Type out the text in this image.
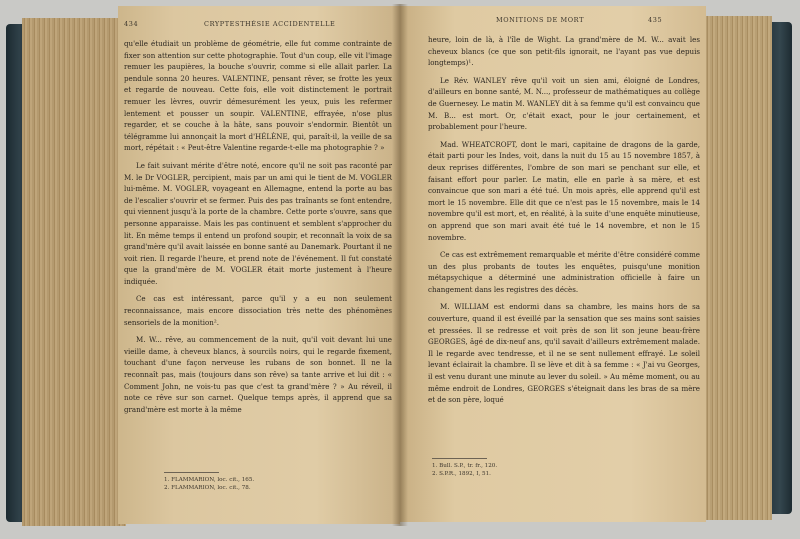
434	CRYPTESTHÉSIE ACCIDENTELLE

qu'elle étudiait un problème de géométrie, elle fut comme contrainte de fixer son attention sur cette photographie. Tout d'un coup, elle vit l'image remuer les paupières, la bouche s'ouvrir, comme si elle allait parler. La pendule sonna 20 heures. VALENTINE, pensant rêver, se frotte les yeux et regarde de nouveau. Cette fois, elle voit distinctement le portrait remuer les lèvres, ouvrir démesurément les yeux, puis les refermer lentement et pousser un soupir. VALENTINE, effrayée, n'ose plus regarder, et se couche à la hâte, sans pouvoir s'endormir. Bientôt un télégramme lui annonçait la mort d'HÉLÈNE, qui, paraît-il, la veille de sa mort, répétait : « Peut-être Valentine regarde-t-elle ma photographie ? »

Le fait suivant mérite d'être noté, encore qu'il ne soit pas raconté par M. le Dr VOGLER, percipient, mais par un ami qui le tient de M. VOGLER lui-même. M. VOGLER, voyageant en Allemagne, entend la porte au bas de l'escalier s'ouvrir et se fermer. Puis des pas traînants se font entendre, qui viennent jusqu'à la porte de la chambre. Cette porte s'ouvre, sans que personne apparaisse. Mais les pas continuent et semblent s'approcher du lit. En même temps il entend un profond soupir, et reconnaît la voix de sa grand'mère qu'il avait laissée en bonne santé au Danemark. Pourtant il ne voit rien. Il regarde l'heure, et prend note de l'événement. Il fut constaté que la grand'mère de M. VOGLER était morte justement à l'heure indiquée.

Ce cas est intéressant, parce qu'il y a eu non seulement reconnaissance, mais encore dissociation très nette des phénomènes sensoriels de la monition².

M. W... rêve, au commencement de la nuit, qu'il voit devant lui une vieille dame, à cheveux blancs, à sourcils noirs, qui le regarde fixement, touchant d'une façon nerveuse les rubans de son bonnet. Il ne la reconnaît pas, mais (toujours dans son rêve) sa tante arrive et lui dit : « Comment John, ne vois-tu pas que c'est ta grand'mère ? » Au réveil, il note ce rêve sur son carnet. Quelque temps après, il apprend que sa grand'mère est morte à la même

1. FLAMMARION, loc. cit., 165.
2. FLAMMARION, loc. cit., 78.
MONITIONS DE MORT	435

heure, loin de là, à l'île de Wight. La grand'mère de M. W... avait les cheveux blancs (ce que son petit-fils ignorait, ne l'ayant pas vue depuis longtemps)¹.

Le Rév. WANLEY rêve qu'il voit un sien ami, éloigné de Londres, d'ailleurs en bonne santé, M. N..., professeur de mathématiques au collège de Guernesey. Le matin M. WANLEY dit à sa femme qu'il est convaincu que M. B... est mort. Or, c'était exact, pour le jour certainement, et probablement pour l'heure.

Mad. WHEATCROFT, dont le mari, capitaine de dragons de la garde, était parti pour les Indes, voit, dans la nuit du 15 au 15 novembre 1857, à deux reprises différentes, l'ombre de son mari se penchant sur elle, et faisant effort pour parler. Le matin, elle en parle à sa mère, et est convaincue que son mari a été tué. Un mois après, elle apprend qu'il est mort le 15 novembre. Elle dit que ce n'est pas le 15 novembre, mais le 14 novembre qu'il est mort, et, en réalité, à la suite d'une enquête minutieuse, on apprend que son mari avait été tué le 14 novembre, et non le 15 novembre.

Ce cas est extrêmement remarquable et mérite d'être considéré comme un des plus probants de toutes les enquêtes, puisqu'une monition métapsychique a déterminé une administration officielle à faire un changement dans les registres des décès.

M. WILLIAM est endormi dans sa chambre, les mains hors de sa couverture, quand il est éveillé par la sensation que ses mains sont saisies et pressées. Il se redresse et voit près de son lit son jeune beau-frère GEORGES, âgé de dix-neuf ans, qu'il savait d'ailleurs extrêmement malade. Il le regarde avec tendresse, et il ne se sent nullement effrayé. Le soleil levant éclairait la chambre. Il se lève et dit à sa femme : « J'ai vu Georges, il est venu durant une minute au lever du soleil. » Au même moment, ou au même endroit de Londres, GEORGES s'éteignait dans les bras de sa mère et de son père, loqué

1. Bull. S.P., tr. fr., 120.
2. S.P.R., 1892, I, 51.
